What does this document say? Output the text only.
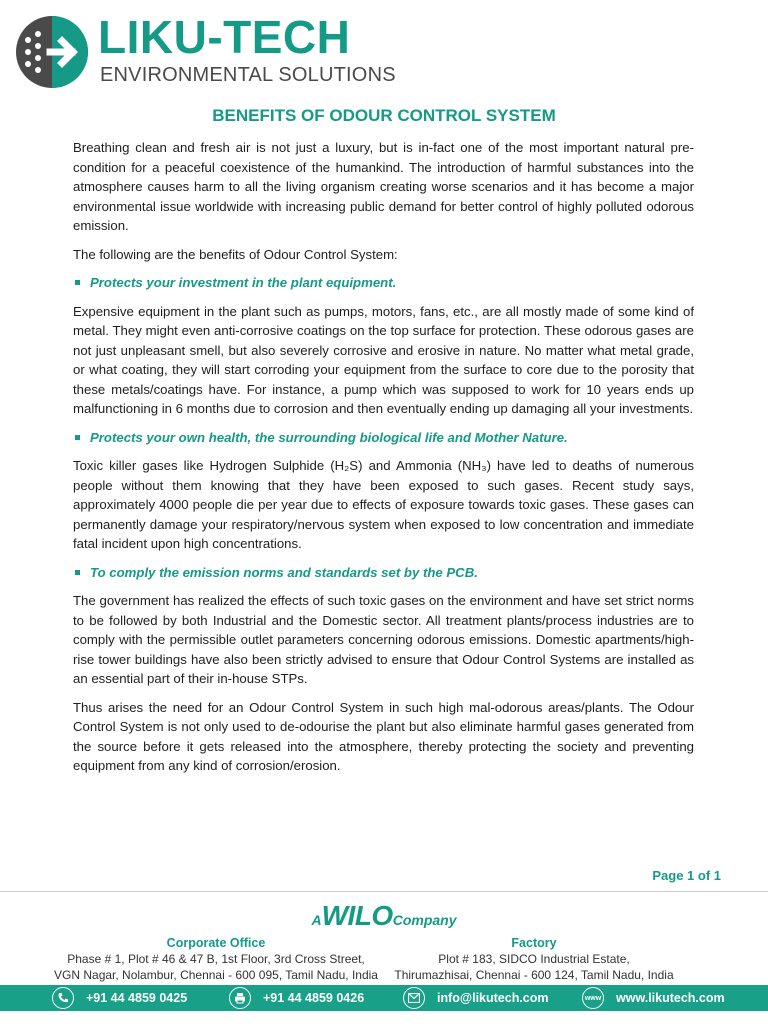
LIKU-TECH
ENVIRONMENTAL SOLUTIONS
BENEFITS OF ODOUR CONTROL SYSTEM

Breathing clean and fresh air is not just a luxury, but is in-fact one of the most important natural pre-condition for a peaceful coexistence of the humankind. The introduction of harmful substances into the atmosphere causes harm to all the living organism creating worse scenarios and it has become a major environmental issue worldwide with increasing public demand for better control of highly polluted odorous emission.

The following are the benefits of Odour Control System:

Protects your investment in the plant equipment.

Expensive equipment in the plant such as pumps, motors, fans, etc., are all mostly made of some kind of metal. They might even anti-corrosive coatings on the top surface for protection. These odorous gases are not just unpleasant smell, but also severely corrosive and erosive in nature. No matter what metal grade, or what coating, they will start corroding your equipment from the surface to core due to the porosity that these metals/coatings have. For instance, a pump which was supposed to work for 10 years ends up malfunctioning in 6 months due to corrosion and then eventually ending up damaging all your investments.

Protects your own health, the surrounding biological life and Mother Nature.

Toxic killer gases like Hydrogen Sulphide (H₂S) and Ammonia (NH₃) have led to deaths of numerous people without them knowing that they have been exposed to such gases. Recent study says, approximately 4000 people die per year due to effects of exposure towards toxic gases. These gases can permanently damage your respiratory/nervous system when exposed to low concentration and immediate fatal incident upon high concentrations.

To comply the emission norms and standards set by the PCB.

The government has realized the effects of such toxic gases on the environment and have set strict norms to be followed by both Industrial and the Domestic sector. All treatment plants/process industries are to comply with the permissible outlet parameters concerning odorous emissions. Domestic apartments/high-rise tower buildings have also been strictly advised to ensure that Odour Control Systems are installed as an essential part of their in-house STPs.

Thus arises the need for an Odour Control System in such high mal-odorous areas/plants. The Odour Control System is not only used to de-odourise the plant but also eliminate harmful gases generated from the source before it gets released into the atmosphere, thereby protecting the society and preventing equipment from any kind of corrosion/erosion.

Page 1 of 1
AWILOCompany
Corporate Office
Phase # 1, Plot # 46 & 47 B, 1st Floor, 3rd Cross Street,
VGN Nagar, Nolambur, Chennai - 600 095, Tamil Nadu, India
Factory
Plot # 183, SIDCO Industrial Estate,
Thirumazhisai, Chennai - 600 124, Tamil Nadu, India
+91 44 4859 0425	+91 44 4859 0426	info@likutech.com	www www.likutech.com
